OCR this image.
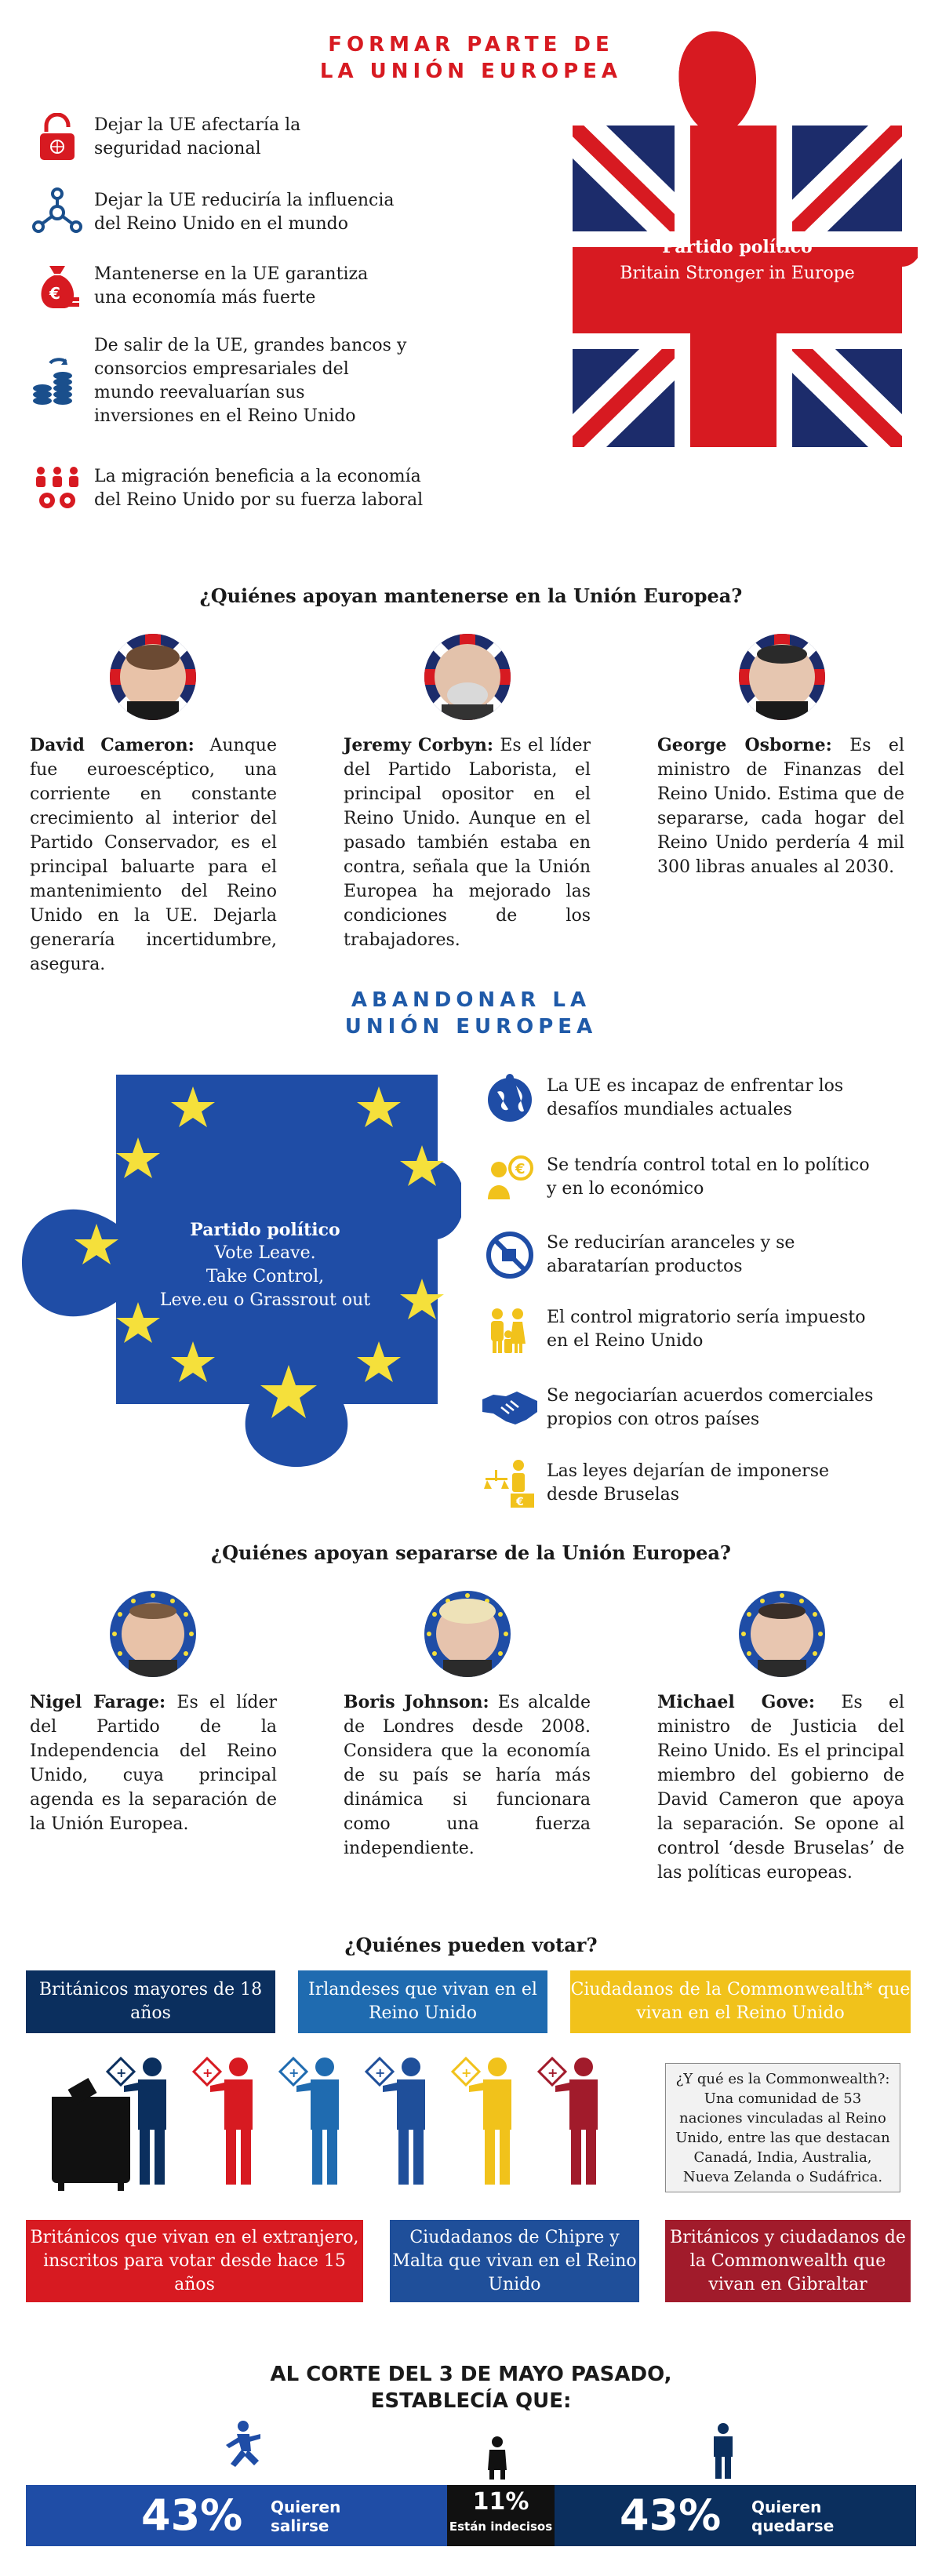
FORMAR PARTE DE
LA UNIÓN EUROPEA
Dejar la UE afectaría la seguridad nacional
Dejar la UE reduciría la influencia del Reino Unido en el mundo
€
Mantenerse en la UE garantiza una economía más fuerte
De salir de la UE, grandes bancos y consorcios empresariales del mundo reevaluarían sus inversiones en el Reino Unido
La migración beneficia a la economía del Reino Unido por su fuerza laboral
Partido político
Britain Stronger in Europe
¿Quiénes apoyan mantenerse en la Unión Europea?
David Cameron: Aunque fue euroescéptico, una corriente en constante crecimiento al interior del Partido Conservador, es el principal baluarte para el mantenimiento del Reino Unido en la UE. Dejarla generaría incertidumbre, asegura.
Jeremy Corbyn: Es el líder del Partido Laborista, el principal opositor en el Reino Unido. Aunque en el pasado también estaba en contra, señala que la Unión Europea ha mejorado las condiciones de los trabajadores.
George Osborne: Es el ministro de Finanzas del Reino Unido. Estima que de separarse, cada hogar del Reino Unido perdería 4 mil 300 libras anuales al 2030.
ABANDONAR LA
UNIÓN EUROPEA
Partido político
Vote Leave.
Take Control,
Leve.eu o Grassrout out
La UE es incapaz de enfrentar los desafíos mundiales actuales
€ Se tendría control total en lo político y en lo económico
Se reducirían aranceles y se abaratarían productos
El control migratorio sería impuesto en el Reino Unido
Se negociarían acuerdos comerciales propios con otros países
€
Las leyes dejarían de imponerse desde Bruselas
¿Quiénes apoyan separarse de la Unión Europea?
Nigel Farage: Es el líder del Partido de la Independencia del Reino Unido, cuya principal agenda es la separación de la Unión Europea.
Boris Johnson: Es alcalde de Londres desde 2008. Considera que la economía de su país se haría más dinámica si funcionara como una fuerza independiente.
Michael Gove: Es el ministro de Justicia del Reino Unido. Es el principal miembro del gobierno de David Cameron que apoya la separación. Se opone al control ‘desde Bruselas’ de las políticas europeas.
¿Quiénes pueden votar?
Británicos mayores de 18 años
Irlandeses que vivan en el Reino Unido
Ciudadanos de la Commonwealth* que vivan en el Reino Unido
+	+	+	+	+	+	¿Y qué es la Commonwealth?: Una comunidad de 53 naciones vinculadas al Reino Unido, entre las que destacan Canadá, India, Australia, Nueva Zelanda o Sudáfrica.
Británicos que vivan en el extranjero, inscritos para votar desde hace 15 años
Ciudadanos de Chipre y Malta que vivan en el Reino Unido
Británicos y ciudadanos de la Commonwealth que vivan en Gibraltar
AL CORTE DEL 3 DE MAYO PASADO,
ESTABLECÍA QUE:
43% Quieren
salirse
11%
Están indecisos 43% Quieren
quedarse
